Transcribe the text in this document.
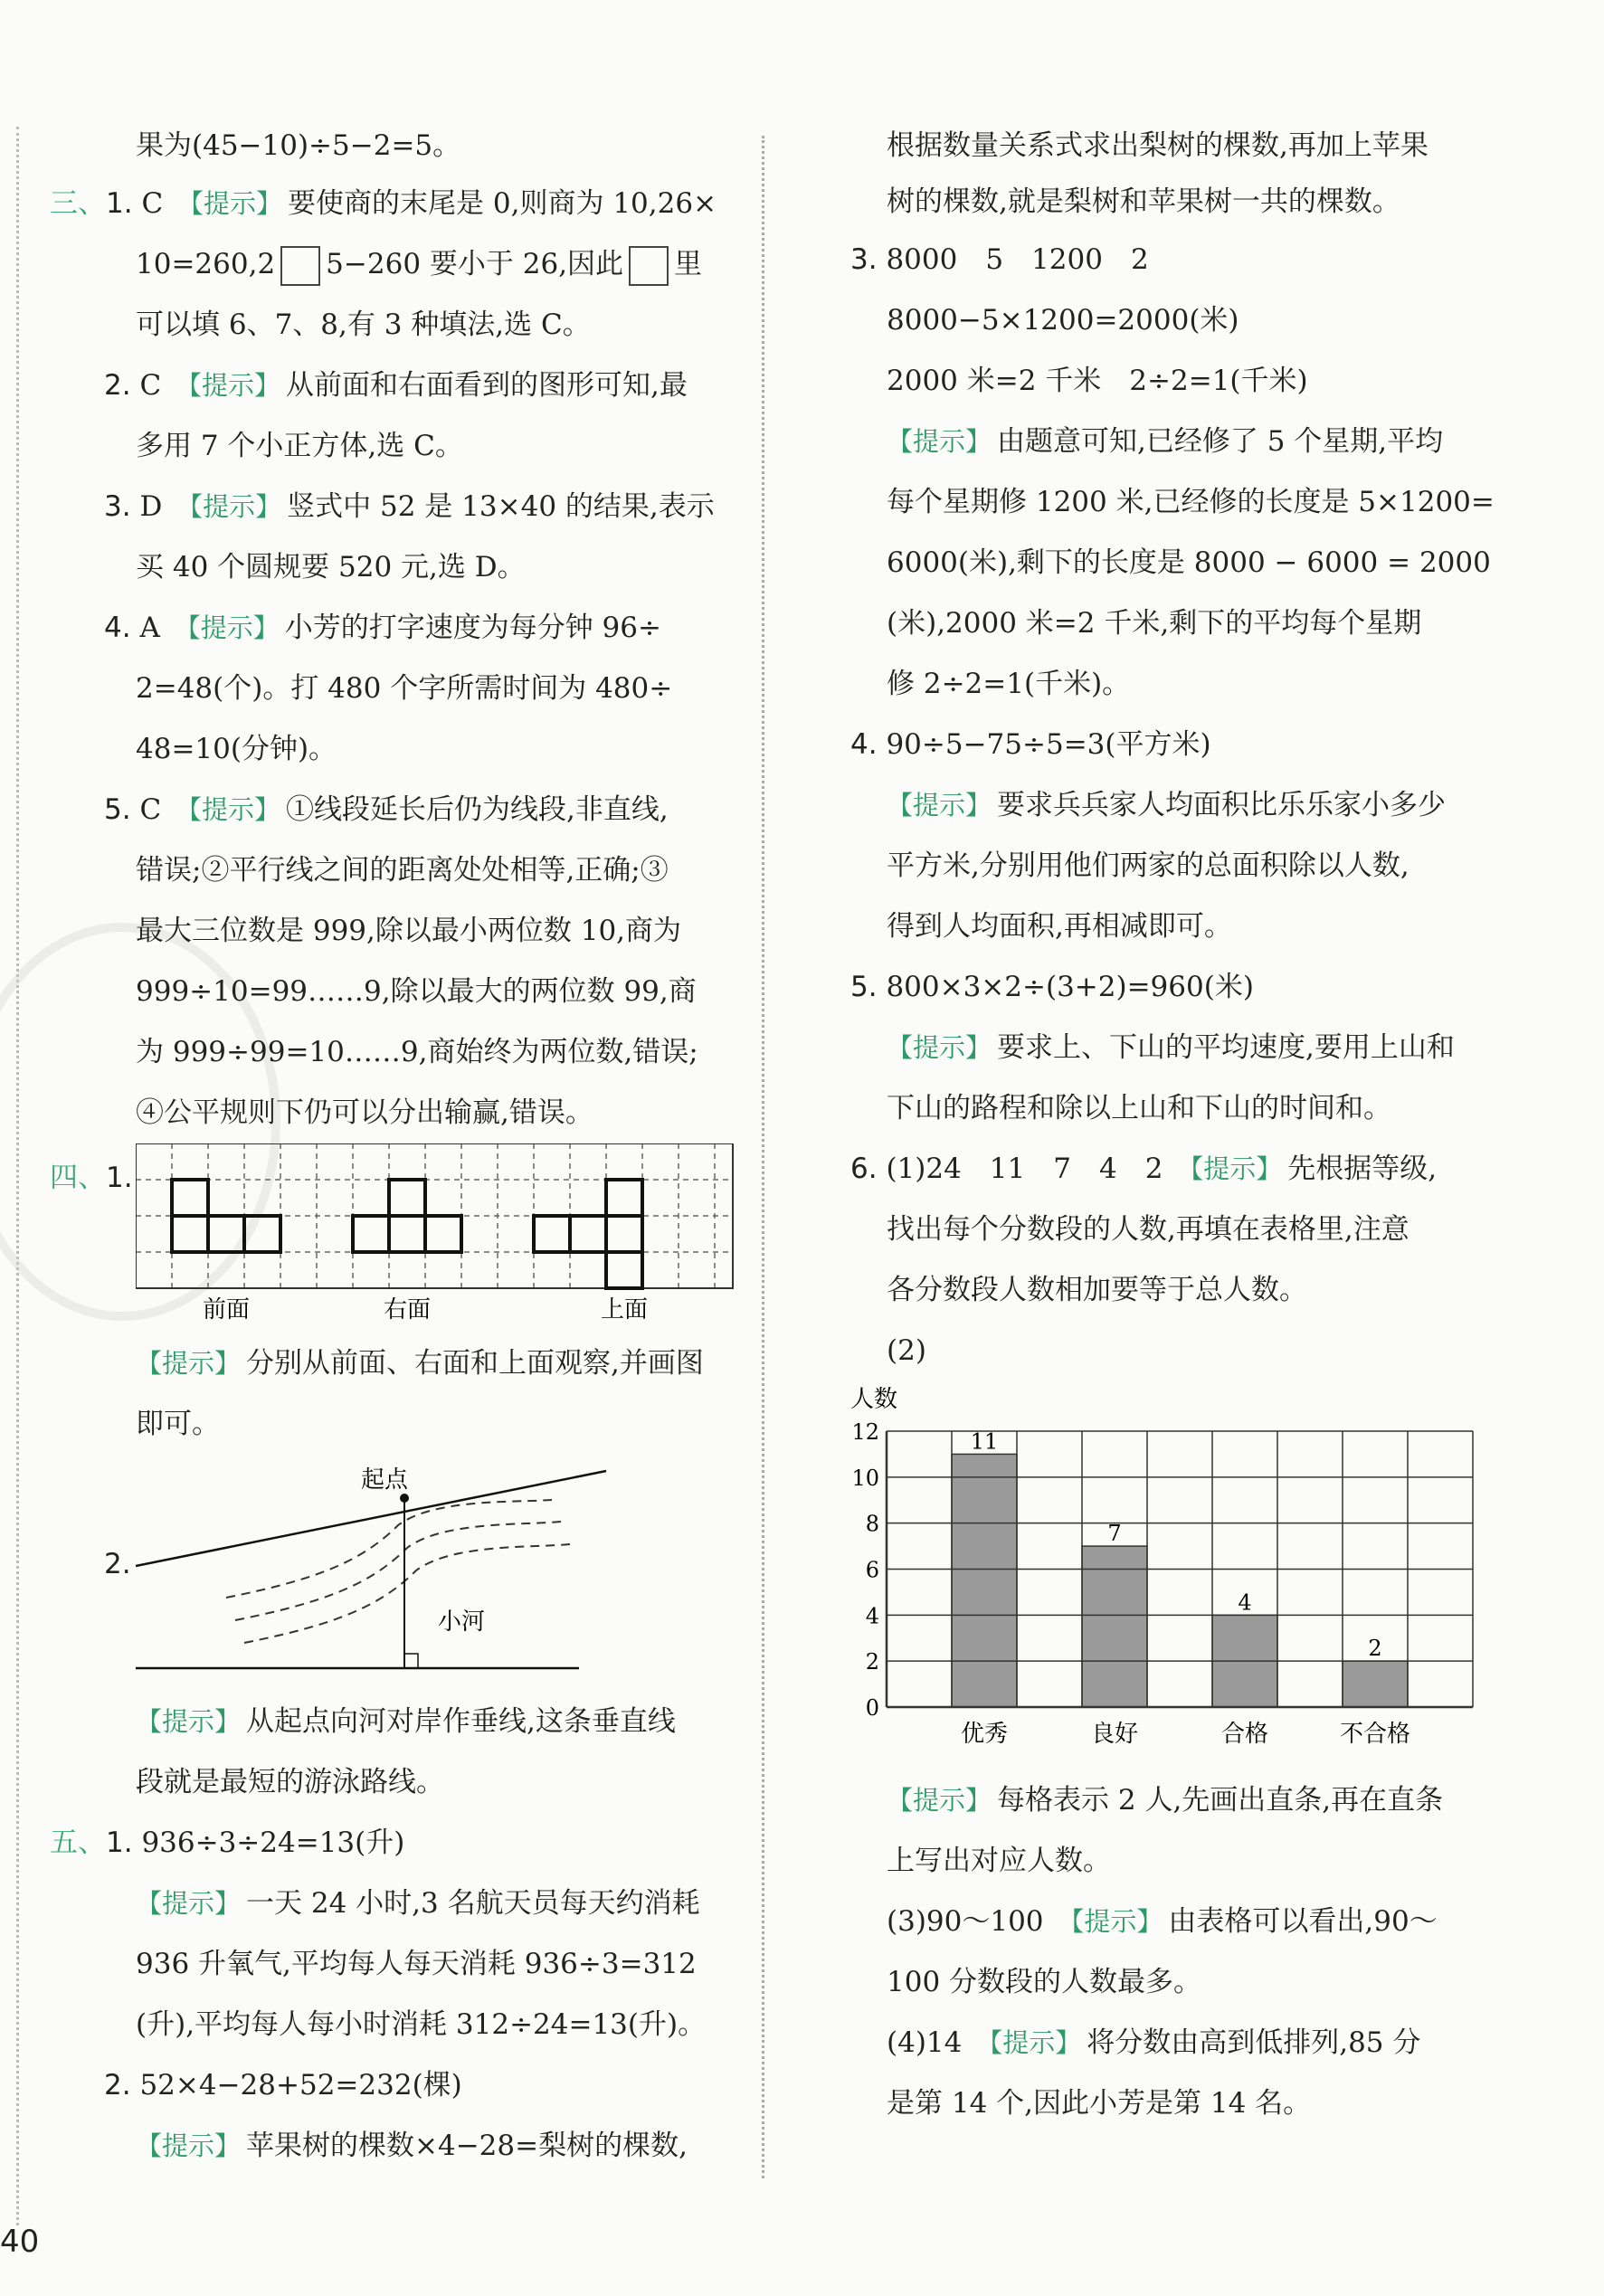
果为(45−10)÷5−2=5。
三、1. C 【提示】 要使商的末尾是 0,则商为 10,26×
10=260,2 5−260 要小于 26,因此 里
可以填 6、7、8,有 3 种填法,选 C。
2. C 【提示】 从前面和右面看到的图形可知,最
多用 7 个小正方体,选 C。
3. D 【提示】 竖式中 52 是 13×40 的结果,表示
买 40 个圆规要 520 元,选 D。
4. A 【提示】 小芳的打字速度为每分钟 96÷
2=48(个)。打 480 个字所需时间为 480÷
48=10(分钟)。
5. C 【提示】 ①线段延长后仍为线段,非直线,
错误;②平行线之间的距离处处相等,正确;③
最大三位数是 999,除以最小两位数 10,商为
999÷10=99……9,除以最大的两位数 99,商
为 999÷99=10……9,商始终为两位数,错误;
④公平规则下仍可以分出输赢,错误。
四、1.
前面	右面	上面
【提示】 分别从前面、右面和上面观察,并画图
即可。
2.
起点
小河
【提示】 从起点向河对岸作垂线,这条垂直线
段就是最短的游泳路线。
五、1. 936÷3÷24=13(升)
【提示】 一天 24 小时,3 名航天员每天约消耗
936 升氧气,平均每人每天消耗 936÷3=312
(升),平均每人每小时消耗 312÷24=13(升)。
2. 52×4−28+52=232(棵)
【提示】 苹果树的棵数×4−28=梨树的棵数,
根据数量关系式求出梨树的棵数,再加上苹果
树的棵数,就是梨树和苹果树一共的棵数。
3. 8000　5　1200　2
8000−5×1200=2000(米)
2000 米=2 千米　2÷2=1(千米)
【提示】 由题意可知,已经修了 5 个星期,平均
每个星期修 1200 米,已经修的长度是 5×1200=
6000(米),剩下的长度是 8000 − 6000 = 2000
(米),2000 米=2 千米,剩下的平均每个星期
修 2÷2=1(千米)。
4. 90÷5−75÷5=3(平方米)
【提示】 要求兵兵家人均面积比乐乐家小多少
平方米,分别用他们两家的总面积除以人数,
得到人均面积,再相减即可。
5. 800×3×2÷(3+2)=960(米)
【提示】 要求上、下山的平均速度,要用上山和
下山的路程和除以上山和下山的时间和。
6. (1)24　11　7　4　2 【提示】 先根据等级,
找出每个分数段的人数,再填在表格里,注意
各分数段人数相加要等于总人数。
(2)
人数
0
2
4
6
8
10
12	11
优秀
7
良好
4
合格
2
不合格
【提示】 每格表示 2 人,先画出直条,再在直条
上写出对应人数。
(3)90～100 【提示】 由表格可以看出,90～
100 分数段的人数最多。
(4)14 【提示】 将分数由高到低排列,85 分
是第 14 个,因此小芳是第 14 名。
40
